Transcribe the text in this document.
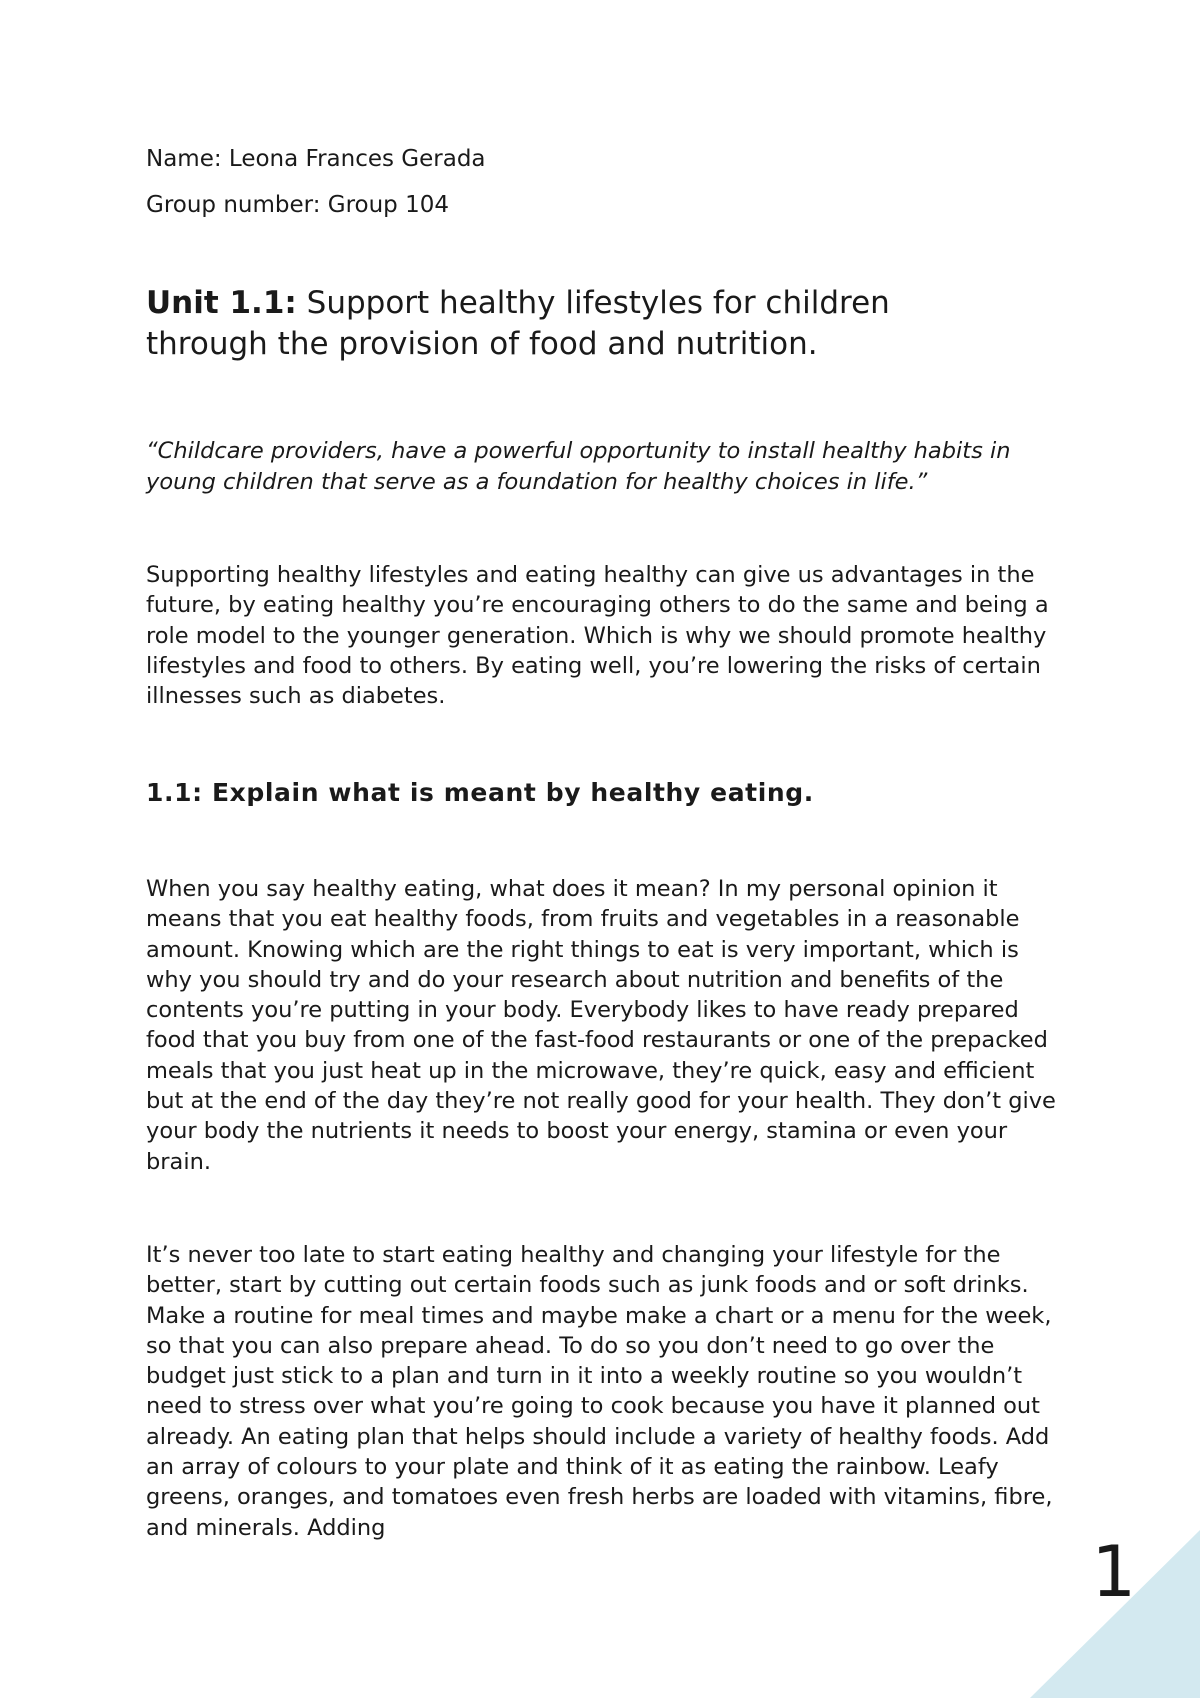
Name: Leona Frances Gerada
Group number: Group 104
Unit 1.1: Support healthy lifestyles for children through the provision of food and nutrition.
“Childcare providers, have a powerful opportunity to install healthy habits in young children that serve as a foundation for healthy choices in life.”
Supporting healthy lifestyles and eating healthy can give us advantages in the future, by eating healthy you’re encouraging others to do the same and being a role model to the younger generation. Which is why we should promote healthy lifestyles and food to others. By eating well, you’re lowering the risks of certain illnesses such as diabetes.
1.1: Explain what is meant by healthy eating.
When you say healthy eating, what does it mean? In my personal opinion it means that you eat healthy foods, from fruits and vegetables in a reasonable amount. Knowing which are the right things to eat is very important, which is why you should try and do your research about nutrition and benefits of the contents you’re putting in your body. Everybody likes to have ready prepared food that you buy from one of the fast-food restaurants or one of the prepacked meals that you just heat up in the microwave, they’re quick, easy and efficient but at the end of the day they’re not really good for your health. They don’t give your body the nutrients it needs to boost your energy, stamina or even your brain.
It’s never too late to start eating healthy and changing your lifestyle for the better, start by cutting out certain foods such as junk foods and or soft drinks. Make a routine for meal times and maybe make a chart or a menu for the week, so that you can also prepare ahead. To do so you don’t need to go over the budget just stick to a plan and turn in it into a weekly routine so you wouldn’t need to stress over what you’re going to cook because you have it planned out already. An eating plan that helps should include a variety of healthy foods. Add an array of colours to your plate and think of it as eating the rainbow. Leafy greens, oranges, and tomatoes even fresh herbs are loaded with vitamins, fibre, and minerals. Adding
1
